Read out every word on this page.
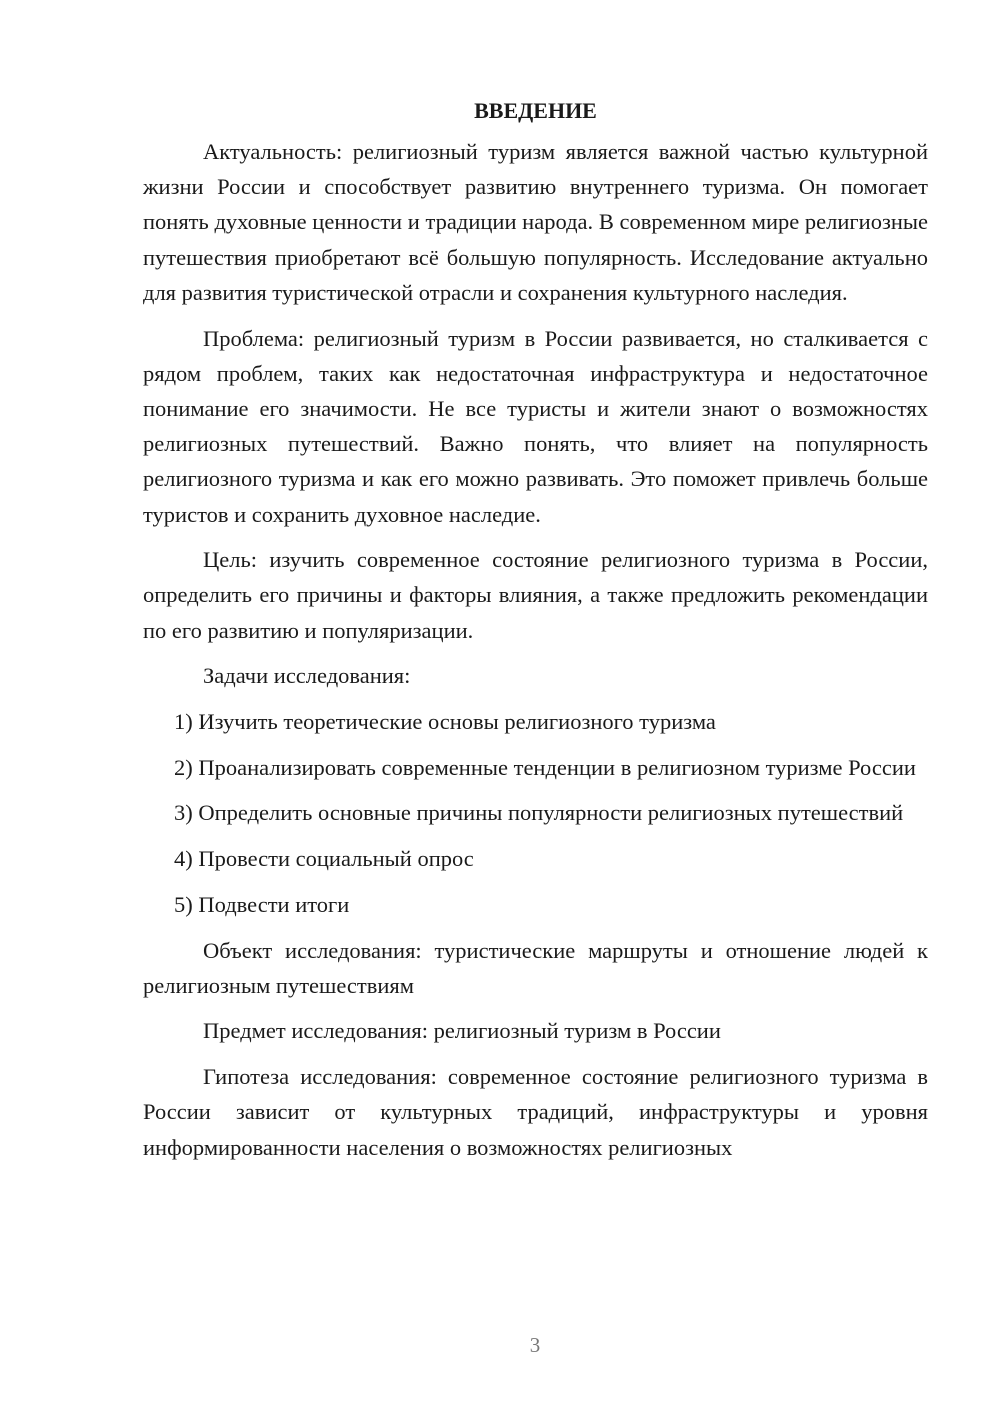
ВВЕДЕНИЕ

Актуальность: религиозный туризм является важной частью культурной жизни России и способствует развитию внутреннего туризма. Он помогает понять духовные ценности и традиции народа. В современном мире религиозные путешествия приобретают всё большую популярность. Исследование актуально для развития туристической отрасли и сохранения культурного наследия.

Проблема: религиозный туризм в России развивается, но сталкивается с рядом проблем, таких как недостаточная инфраструктура и недостаточное понимание его значимости. Не все туристы и жители знают о возможностях религиозных путешествий. Важно понять, что влияет на популярность религиозного туризма и как его можно развивать. Это поможет привлечь больше туристов и сохранить духовное наследие.

Цель: изучить современное состояние религиозного туризма в России, определить его причины и факторы влияния, а также предложить рекомендации по его развитию и популяризации.

Задачи исследования:

1) Изучить теоретические основы религиозного туризма

2) Проанализировать современные тенденции в религиозном туризме России

3) Определить основные причины популярности религиозных путешествий

4) Провести социальный опрос

5) Подвести итоги

Объект исследования: туристические маршруты и отношение людей к религиозным путешествиям

Предмет исследования: религиозный туризм в России

Гипотеза исследования: современное состояние религиозного туризма в России зависит от культурных традиций, инфраструктуры и уровня информированности населения о возможностях религиозных

3
